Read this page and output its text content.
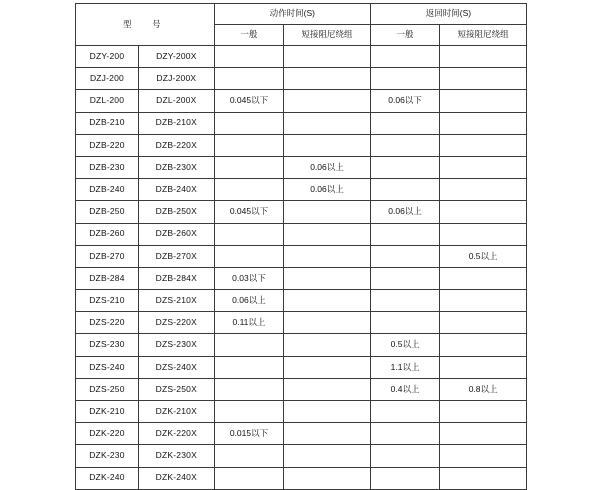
型　号		动作时间(S)		返回时间(S)	
		一般	短接阻尼绕组	一般	短接阻尼绕组
DZY-200	DZY-200X				
DZJ-200	DZJ-200X				
DZL-200	DZL-200X	0.045以下		0.06以下	
DZB-210	DZB-210X				
DZB-220	DZB-220X				
DZB-230	DZB-230X		0.06以上		
DZB-240	DZB-240X		0.06以上		
DZB-250	DZB-250X	0.045以下		0.06以上	
DZB-260	DZB-260X				
DZB-270	DZB-270X				0.5以上
DZB-284	DZB-284X	0.03以下			
DZS-210	DZS-210X	0.06以上			
DZS-220	DZS-220X	0.11以上			
DZS-230	DZS-230X			0.5以上	
DZS-240	DZS-240X			1.1以上	
DZS-250	DZS-250X			0.4以上	0.8以上
DZK-210	DZK-210X				
DZK-220	DZK-220X	0.015以下			
DZK-230	DZK-230X				
DZK-240	DZK-240X				
